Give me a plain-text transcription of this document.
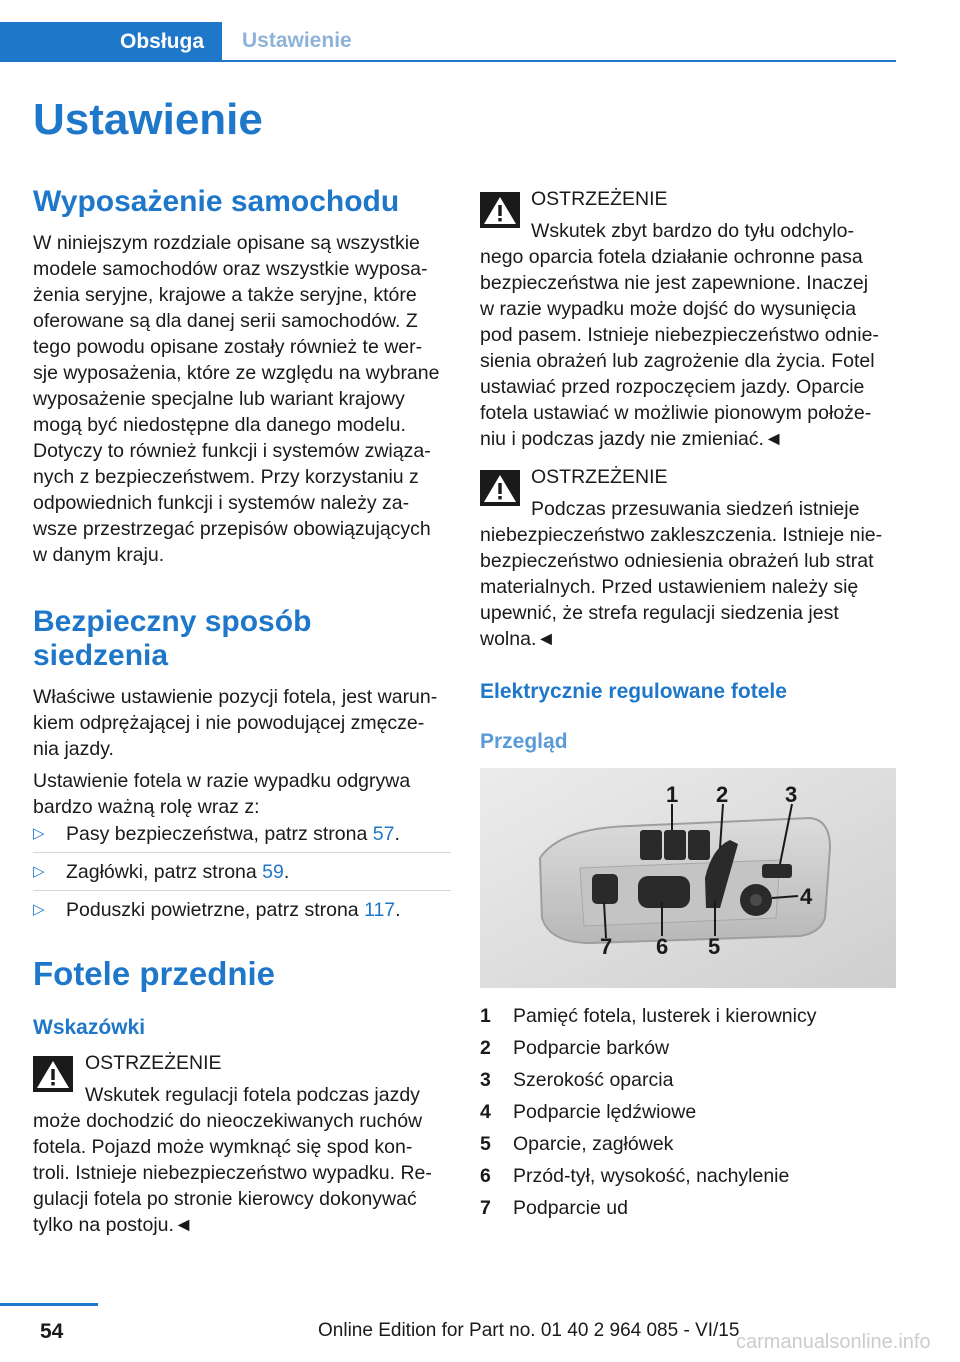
Obsługa	Ustawienie
Ustawienie
Wyposażenie samochodu

W niniejszym rozdziale opisane są wszystkie

modele samochodów oraz wszystkie wyposa‐

żenia seryjne, krajowe a także seryjne, które

oferowane są dla danej serii samochodów. Z

tego powodu opisane zostały również te wer‐

sje wyposażenia, które ze względu na wybrane

wyposażenie specjalne lub wariant krajowy

mogą być niedostępne dla danego modelu.

Dotyczy to również funkcji i systemów związa‐

nych z bezpieczeństwem. Przy korzystaniu z

odpowiednich funkcji i systemów należy za‐

wsze przestrzegać przepisów obowiązujących

w danym kraju.

Bezpieczny sposób
siedzenia

Właściwe ustawienie pozycji fotela, jest warun‐

kiem odprężającej i nie powodującej zmęcze‐

nia jazdy.

Ustawienie fotela w razie wypadku odgrywa

bardzo ważną rolę wraz z:

▷ Pasy bezpieczeństwa, patrz strona 57.
▷ Zagłówki, patrz strona 59.
▷ Poduszki powietrzne, patrz strona 117.
Fotele przednie
Wskazówki

OSTRZEŻENIE

Wskutek regulacji fotela podczas jazdy

może dochodzić do nieoczekiwanych ruchów

fotela. Pojazd może wymknąć się spod kon‐

troli. Istnieje niebezpieczeństwo wypadku. Re‐

gulacji fotela po stronie kierowcy dokonywać

tylko na postoju.◄

OSTRZEŻENIE

Wskutek zbyt bardzo do tyłu odchylo‐

nego oparcia fotela działanie ochronne pasa

bezpieczeństwa nie jest zapewnione. Inaczej

w razie wypadku może dojść do wysunięcia

pod pasem. Istnieje niebezpieczeństwo odnie‐

sienia obrażeń lub zagrożenie dla życia. Fotel

ustawiać przed rozpoczęciem jazdy. Oparcie

fotela ustawiać w możliwie pionowym położe‐

niu i podczas jazdy nie zmieniać.◄

OSTRZEŻENIE

Podczas przesuwania siedzeń istnieje

niebezpieczeństwo zakleszczenia. Istnieje nie‐

bezpieczeństwo odniesienia obrażeń lub strat

materialnych. Przed ustawieniem należy się

upewnić, że strefa regulacji siedzenia jest

wolna.◄

Elektrycznie regulowane fotele
Przegląd
1 2	3
4
5
6
7
1	Pamięć fotela, lusterek i kierownicy
2	Podparcie barków
3	Szerokość oparcia
4	Podparcie lędźwiowe
5	Oparcie, zagłówek
6	Przód-tył, wysokość, nachylenie
7	Podparcie ud
54	Online Edition for Part no. 01 40 2 964 085 - VI/15
carmanualsonline.info
